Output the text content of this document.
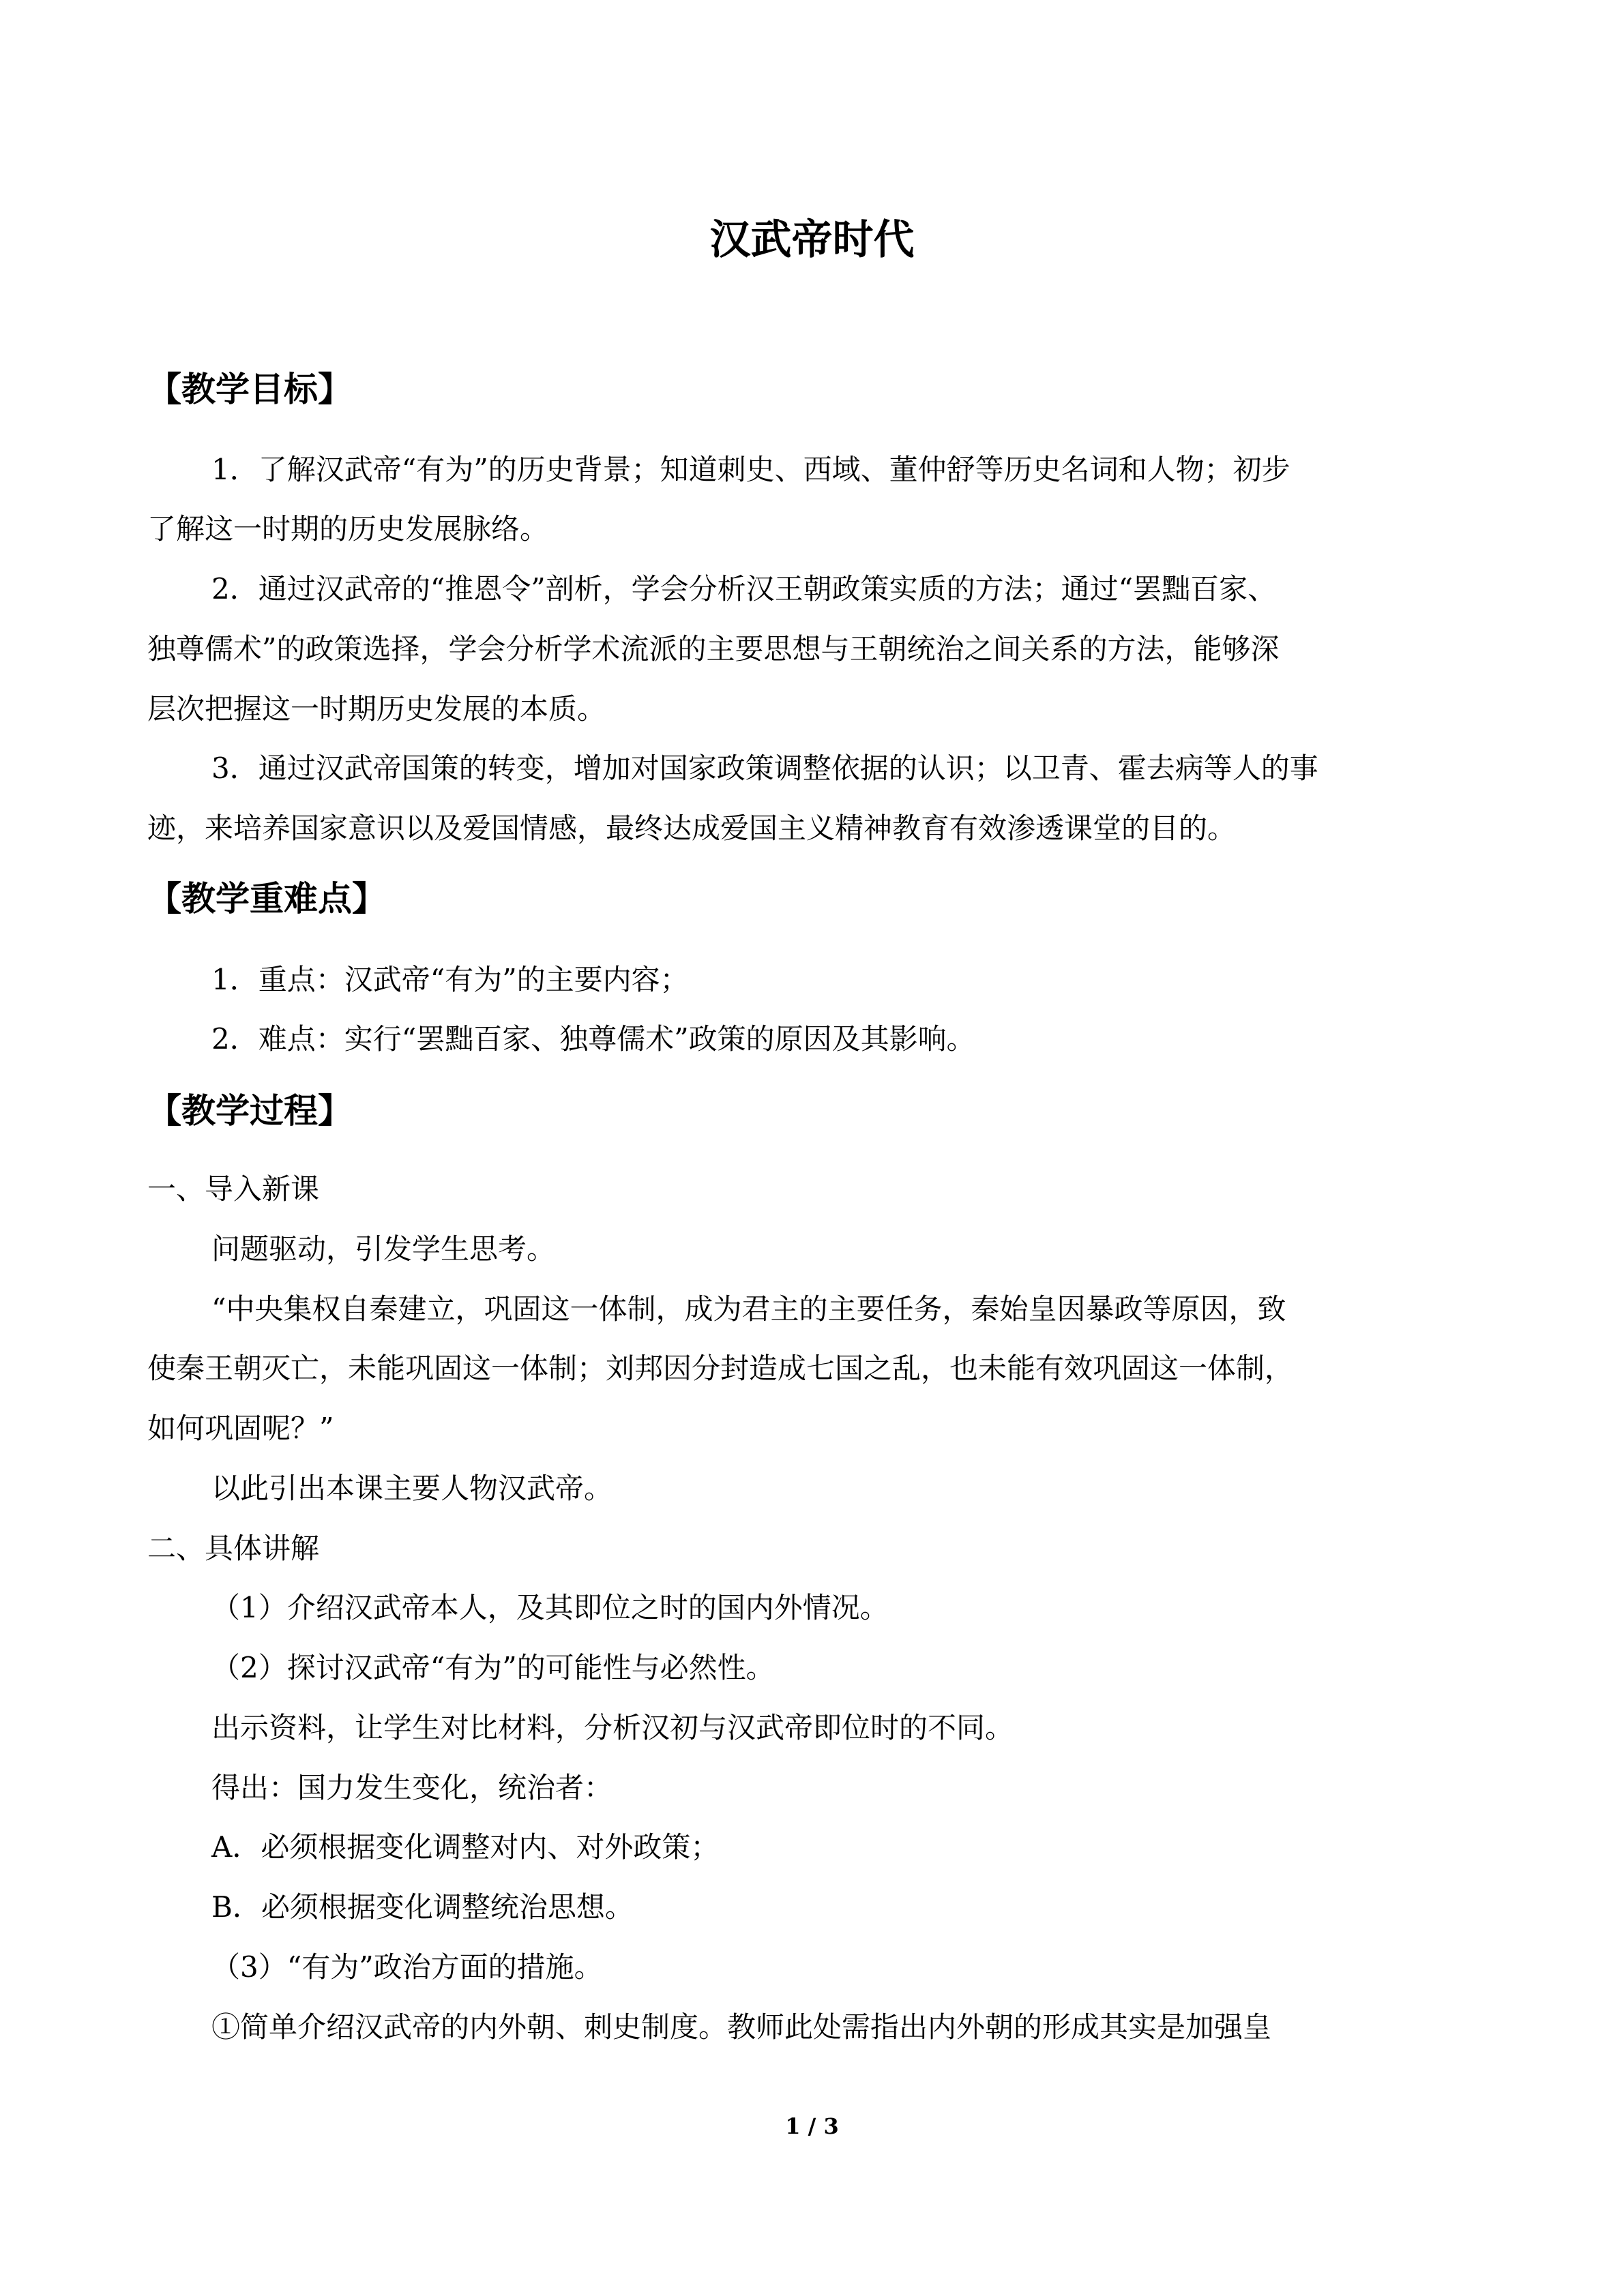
汉武帝时代
【教学目标】
1．了解汉武帝“有为”的历史背景；知道刺史、西域、董仲舒等历史名词和人物；初步
了解这一时期的历史发展脉络。
2．通过汉武帝的“推恩令”剖析，学会分析汉王朝政策实质的方法；通过“罢黜百家、
独尊儒术”的政策选择，学会分析学术流派的主要思想与王朝统治之间关系的方法，能够深
层次把握这一时期历史发展的本质。
3．通过汉武帝国策的转变，增加对国家政策调整依据的认识；以卫青、霍去病等人的事
迹，来培养国家意识以及爱国情感，最终达成爱国主义精神教育有效渗透课堂的目的。
【教学重难点】
1．重点：汉武帝“有为”的主要内容；
2．难点：实行“罢黜百家、独尊儒术”政策的原因及其影响。
【教学过程】
一、导入新课
问题驱动，引发学生思考。
“中央集权自秦建立，巩固这一体制，成为君主的主要任务，秦始皇因暴政等原因，致
使秦王朝灭亡，未能巩固这一体制；刘邦因分封造成七国之乱，也未能有效巩固这一体制，
如何巩固呢？”
以此引出本课主要人物汉武帝。
二、具体讲解
（1）介绍汉武帝本人，及其即位之时的国内外情况。
（2）探讨汉武帝“有为”的可能性与必然性。
出示资料，让学生对比材料，分析汉初与汉武帝即位时的不同。
得出：国力发生变化，统治者：
A．必须根据变化调整对内、对外政策；
B．必须根据变化调整统治思想。
（3）“有为”政治方面的措施。
①简单介绍汉武帝的内外朝、刺史制度。教师此处需指出内外朝的形成其实是加强皇
1 / 3
